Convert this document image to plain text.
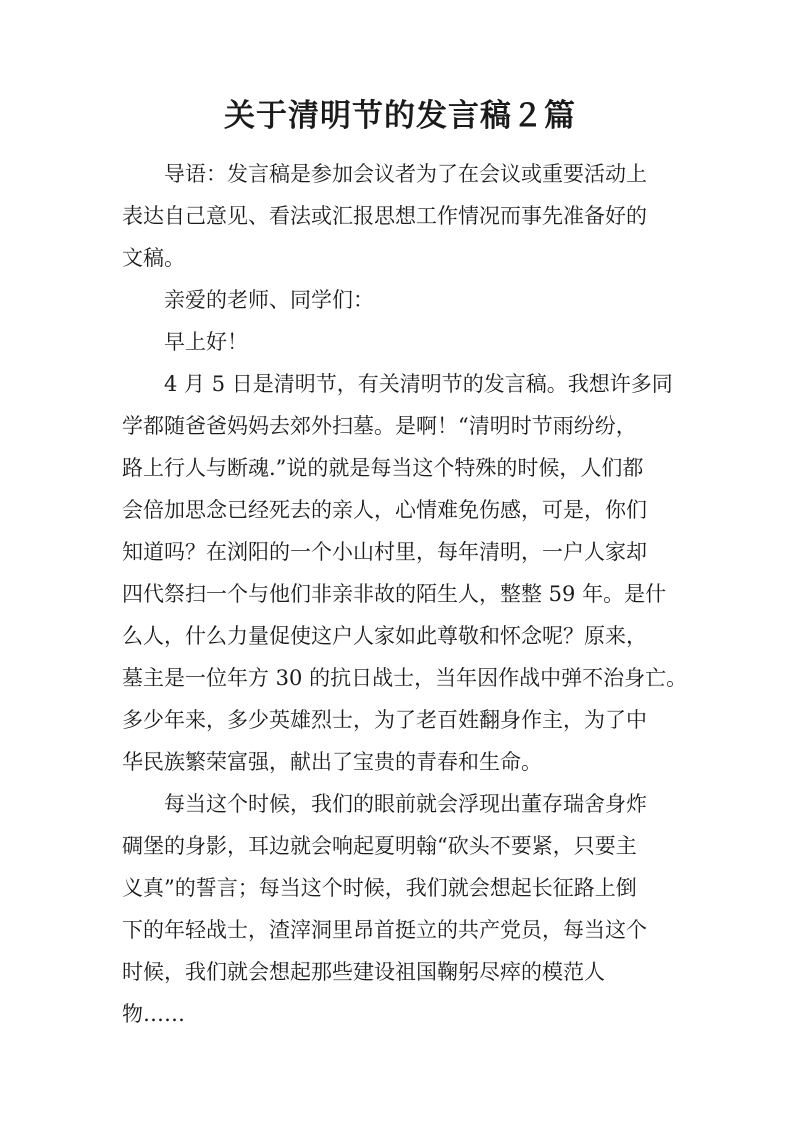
关于清明节的发言稿２篇
导语：发言稿是参加会议者为了在会议或重要活动上
表达自己意见、看法或汇报思想工作情况而事先准备好的
文稿。
亲爱的老师、同学们：
早上好！
4 月 5 日是清明节，有关清明节的发言稿。我想许多同
学都随爸爸妈妈去郊外扫墓。是啊！“清明时节雨纷纷，
路上行人与断魂.”说的就是每当这个特殊的时候，人们都
会倍加思念已经死去的亲人，心情难免伤感，可是，你们
知道吗？在浏阳的一个小山村里，每年清明，一户人家却
四代祭扫一个与他们非亲非故的陌生人，整整 59 年。是什
么人，什么力量促使这户人家如此尊敬和怀念呢？原来，
墓主是一位年方 30 的抗日战士，当年因作战中弹不治身亡。
多少年来，多少英雄烈士，为了老百姓翻身作主，为了中
华民族繁荣富强，献出了宝贵的青春和生命。
每当这个时候，我们的眼前就会浮现出董存瑞舍身炸
碉堡的身影，耳边就会响起夏明翰“砍头不要紧，只要主
义真”的誓言；每当这个时候，我们就会想起长征路上倒
下的年轻战士，渣滓洞里昂首挺立的共产党员，每当这个
时候，我们就会想起那些建设祖国鞠躬尽瘁的模范人
物……
